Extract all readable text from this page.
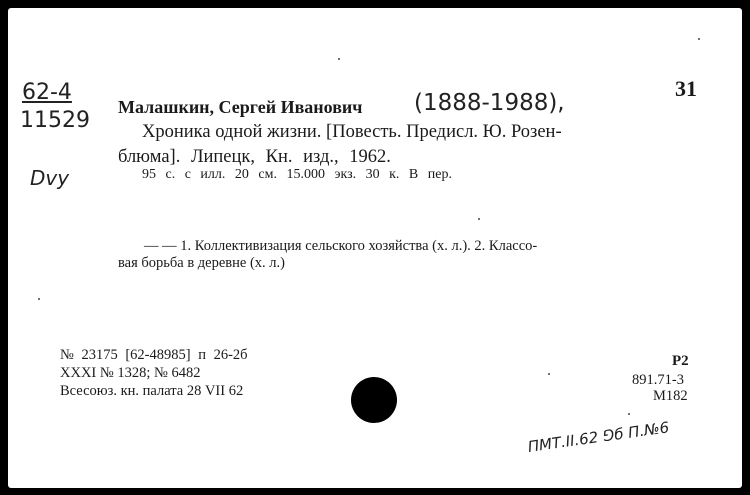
62-4
11529
Dvy
31
Малашкин, Сергей Иванович (1888-1988),
Хроника одной жизни. [Повесть. Предисл. Ю. Розен-
блюма]. Липецк, Кн. изд., 1962.
95 с. с илл. 20 см. 15.000 экз. 30 к. В пер.
— — 1. Коллективизация сельского хозяйства (х. л.). 2. Классо-
вая борьба в деревне (х. л.)
№ 23175 [62-48985] п 26-2б
XXXI № 1328; № 6482
Всесоюз. кн. палата 28 VII 62
Р2
891.71-3
М182
ПМТ.II.62 ⅁б П.№6
